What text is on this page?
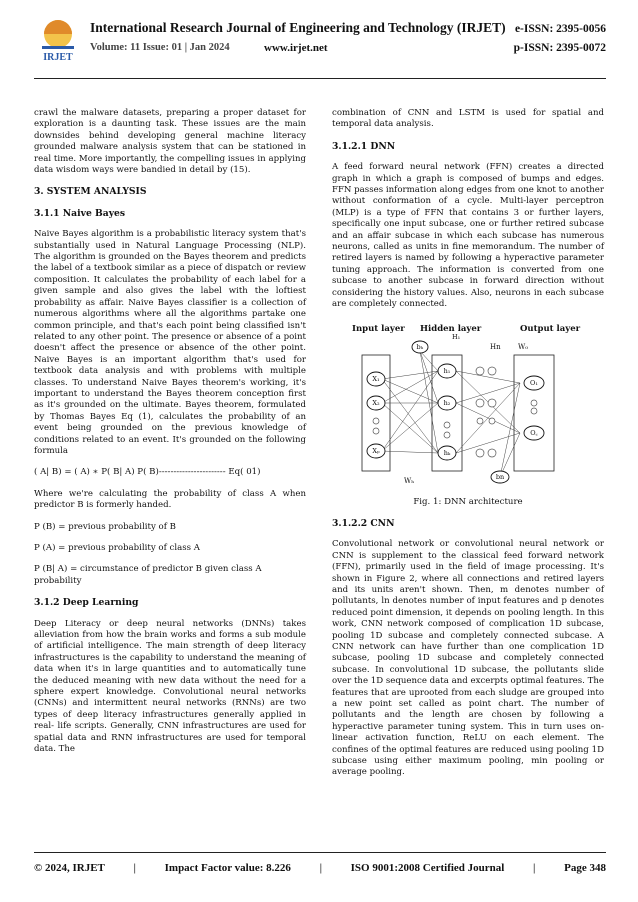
IRJET
International Research Journal of Engineering and Technology (IRJET) e-ISSN: 2395-0056
Volume: 11 Issue: 01 | Jan 2024	www.irjet.net	p-ISSN: 2395-0072

crawl the malware datasets, preparing a proper dataset for exploration is a daunting task. These issues are the main downsides behind developing general machine literacy grounded malware analysis system that can be stationed in real time. More importantly, the compelling issues in applying data wisdom ways were bandied in detail by (15).

3. SYSTEM ANALYSIS
3.1.1 Naive Bayes

Naive Bayes algorithm is a probabilistic literacy system that's substantially used in Natural Language Processing (NLP). The algorithm is grounded on the Bayes theorem and predicts the label of a textbook similar as a piece of dispatch or review composition. It calculates the probability of each label for a given sample and also gives the label with the loftiest probability as affair. Naive Bayes classifier is a collection of numerous algorithms where all the algorithms partake one common principle, and that's each point being classified isn't related to any other point. The presence or absence of a point doesn't affect the presence or absence of the other point. Naive Bayes is an important algorithm that's used for textbook data analysis and with problems with multiple classes. To understand Naive Bayes theorem's working, it's important to understand the Bayes theorem conception first as it's grounded on the ultimate. Bayes theorem, formulated by Thomas Bayes Eq (1), calculates the probability of an event being grounded on the previous knowledge of conditions related to an event. It's grounded on the following formula

( A| B) = ( A) ∗ P( B| A) P( B)----------------------- Eq( 01)

Where we're calculating the probability of class A when predictor B is formerly handed.

P (B) = previous probability of B
P (A) = previous probability of class A
P (B| A) = circumstance of predictor B given class A probability
3.1.2 Deep Learning

Deep Literacy or deep neural networks (DNNs) takes alleviation from how the brain works and forms a sub module of artificial intelligence. The main strength of deep literacy infrastructures is the capability to understand the meaning of data when it's in large quantities and to automatically tune the deduced meaning with new data without the need for a sphere expert knowledge. Convolutional neural networks (CNNs) and intermittent neural networks (RNNs) are two types of deep literacy infrastructures generally applied in real- life scripts. Generally, CNN infrastructures are used for spatial data and RNN infrastructures are used for temporal data. The

combination of CNN and LSTM is used for spatial and temporal data analysis.

3.1.2.1 DNN

A feed forward neural network (FFN) creates a directed graph in which a graph is composed of bumps and edges. FFN passes information along edges from one knot to another without conformation of a cycle. Multi-layer perceptron (MLP) is a type of FFN that contains 3 or further layers, specifically one input subcase, one or further retired subcase and an affair subcase in which each subcase has numerous neurons, called as units in fine memorandum. The number of retired layers is named by following a hyperactive parameter tuning approach. The information is converted from one subcase to another subcase in forward direction without considering the history values. Also, neurons in each subcase are completely connected.

Input layer Hidden layer	Output layer
H₁
Hn W₀
Wₕ
X₁
X₂
Xₚ
bₕ
h₁
h₂
hₖ
bn
O₁
O꜀
Fig. 1: DNN architecture
3.1.2.2 CNN

Convolutional network or convolutional neural network or CNN is supplement to the classical feed forward network (FFN), primarily used in the field of image processing. It's shown in Figure 2, where all connections and retired layers and its units aren't shown. Then, m denotes number of pollutants, ln denotes number of input features and p denotes reduced point dimension, it depends on pooling length. In this work, CNN network composed of complication 1D subcase, pooling 1D subcase and completely connected subcase. A CNN network can have further than one complication 1D subcase, pooling 1D subcase and completely connected subcase. In convolutional 1D subcase, the pollutants slide over the 1D sequence data and excerpts optimal features. The features that are uprooted from each sludge are grouped into a new point set called as point chart. The number of pollutants and the length are chosen by following a hyperactive parameter tuning system. This in turn uses on-linear activation function, ReLU on each element. The confines of the optimal features are reduced using pooling 1D subcase using either maximum pooling, min pooling or average pooling.

© 2024, IRJET	|	Impact Factor value: 8.226	|	ISO 9001:2008 Certified Journal	|	Page 348
